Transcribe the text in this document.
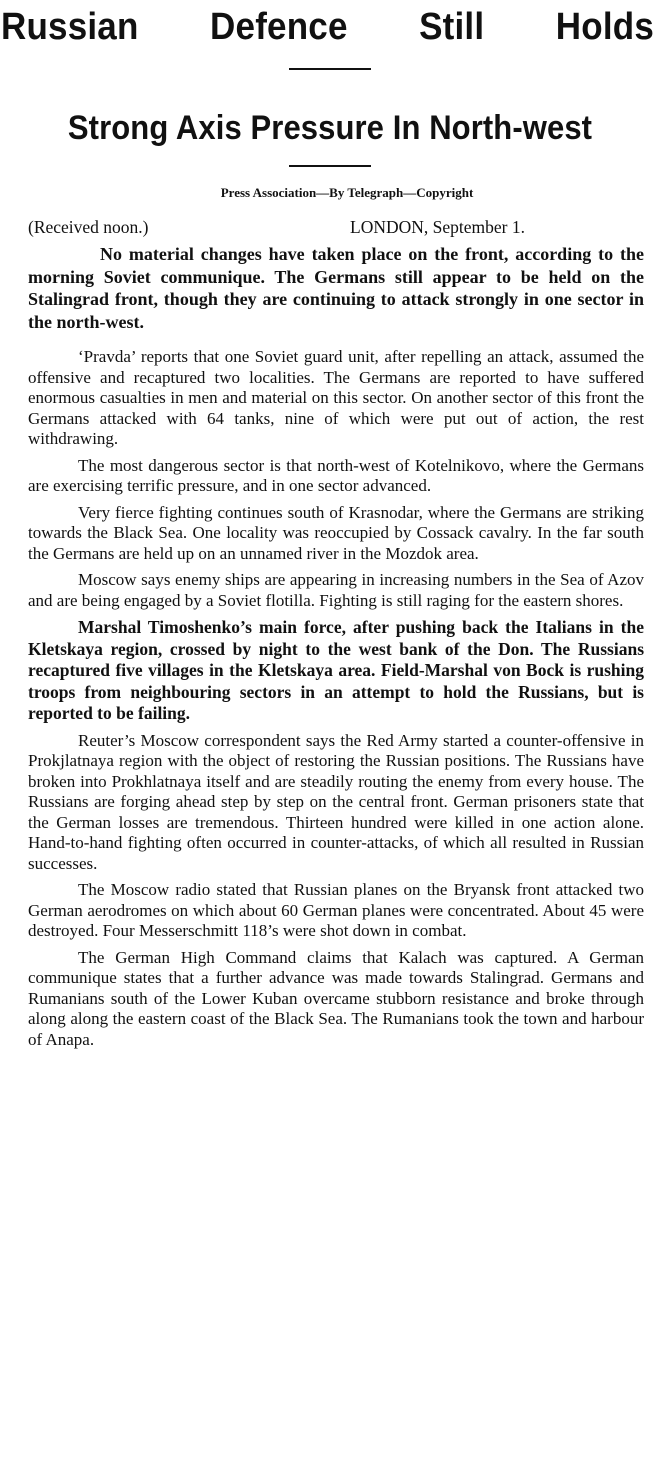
Russian Defence Still Holds
Strong Axis Pressure In North-west

Press Association—By Telegraph—Copyright

(Received noon.)	LONDON, September 1.

No material changes have taken place on the front, according to the morning Soviet communique. The Germans still appear to be held on the Stalingrad front, though they are continuing to attack strongly in one sector in the north-west.

‘Pravda’ reports that one Soviet guard unit, after repelling an attack, assumed the offensive and recaptured two localities. The Germans are reported to have suffered enormous casualties in men and material on this sector. On another sector of this front the Germans attacked with 64 tanks, nine of which were put out of action, the rest withdrawing.

The most dangerous sector is that north-west of Kotelnikovo, where the Germans are exercising terrific pressure, and in one sector advanced.

Very fierce fighting continues south of Krasnodar, where the Germans are striking towards the Black Sea. One locality was reoccupied by Cossack cavalry. In the far south the Germans are held up on an unnamed river in the Mozdok area.

Moscow says enemy ships are appearing in increasing numbers in the Sea of Azov and are being engaged by a Soviet flotilla. Fighting is still raging for the eastern shores.

Marshal Timoshenko’s main force, after pushing back the Italians in the Kletskaya region, crossed by night to the west bank of the Don. The Russians recaptured five villages in the Kletskaya area. Field-Marshal von Bock is rushing troops from neighbouring sectors in an attempt to hold the Russians, but is reported to be failing.

Reuter’s Moscow correspondent says the Red Army started a counter-offensive in Prokjlatnaya region with the object of restoring the Russian positions. The Russians have broken into Prokhlatnaya itself and are steadily routing the enemy from every house. The Russians are forging ahead step by step on the central front. German prisoners state that the German losses are tremendous. Thirteen hundred were killed in one action alone. Hand-to-hand fighting often occurred in counter-attacks, of which all resulted in Russian successes.

The Moscow radio stated that Russian planes on the Bryansk front attacked two German aerodromes on which about 60 German planes were concentrated. About 45 were destroyed. Four Messerschmitt 118’s were shot down in combat.

The German High Command claims that Kalach was captured. A German communique states that a further advance was made towards Stalingrad. Germans and Rumanians south of the Lower Kuban overcame stubborn resistance and broke through along along the eastern coast of the Black Sea. The Rumanians took the town and harbour of Anapa.
